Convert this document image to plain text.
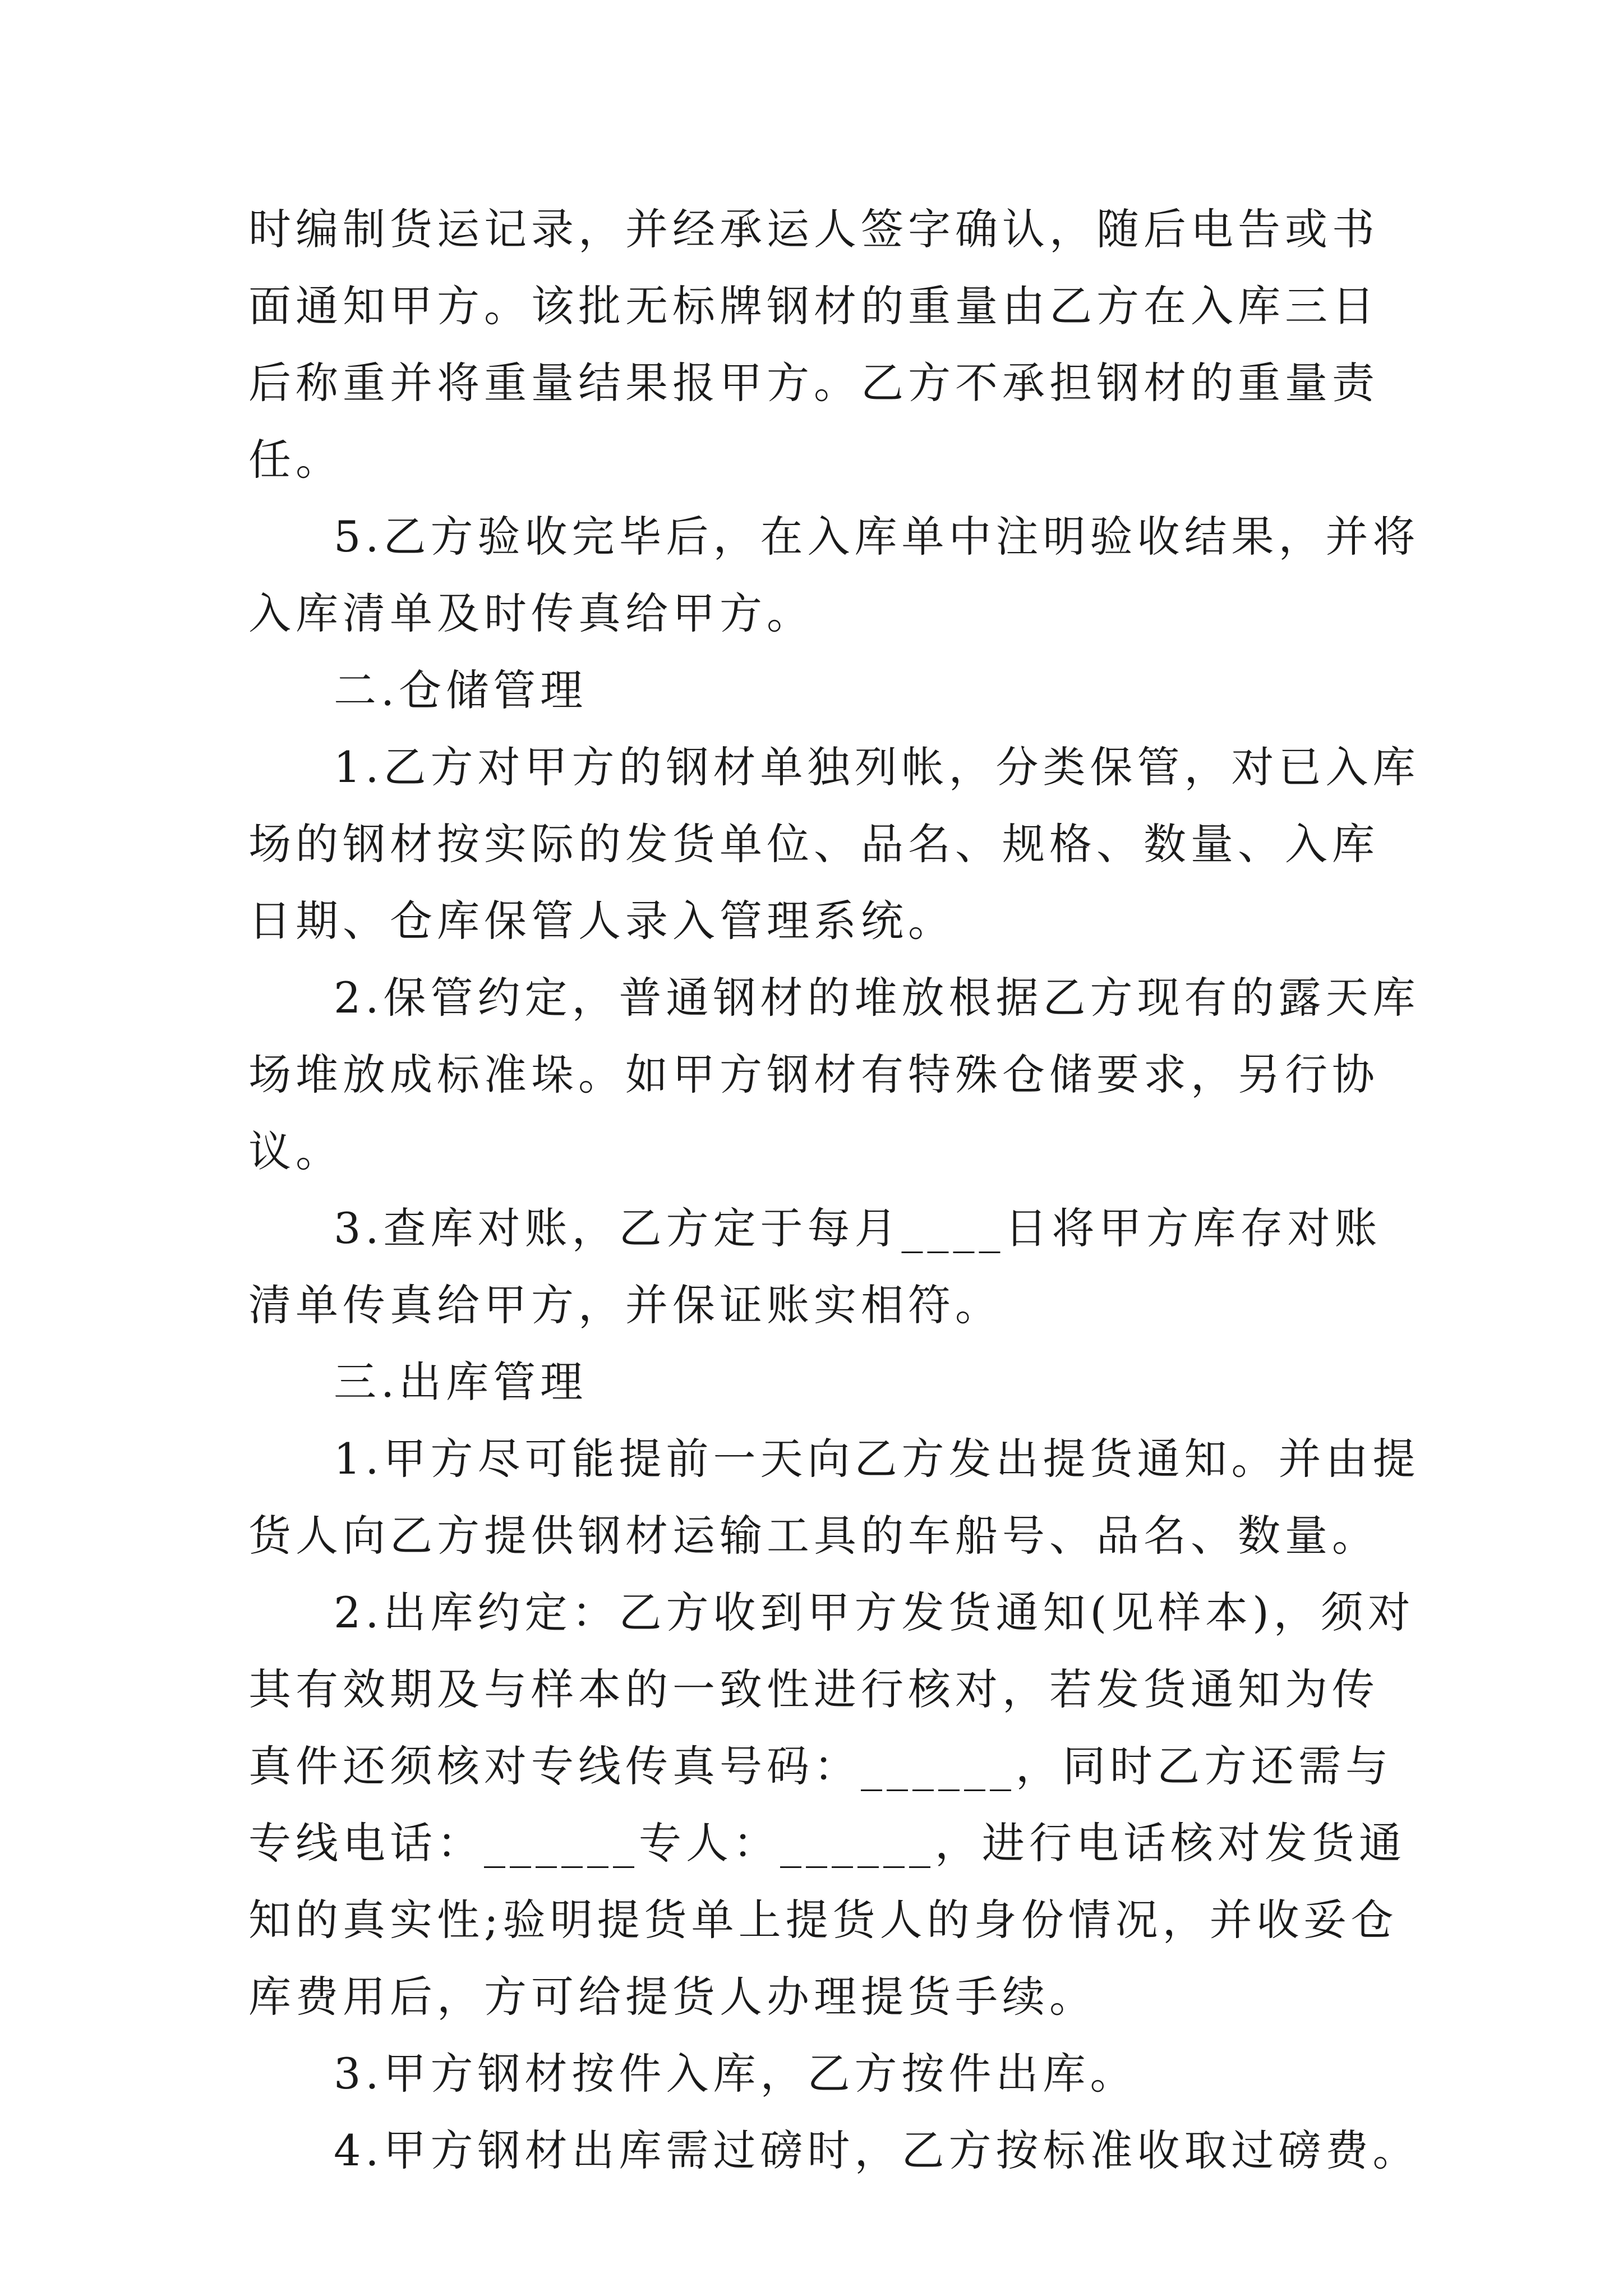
时编制货运记录，并经承运人签字确认，随后电告或书面通知甲方。该批无标牌钢材的重量由乙方在入库三日后称重并将重量结果报甲方。乙方不承担钢材的重量责任。

5.乙方验收完毕后，在入库单中注明验收结果，并将入库清单及时传真给甲方。

二.仓储管理

1.乙方对甲方的钢材单独列帐，分类保管，对已入库场的钢材按实际的发货单位、品名、规格、数量、入库日期、仓库保管人录入管理系统。

2.保管约定，普通钢材的堆放根据乙方现有的露天库场堆放成标准垛。如甲方钢材有特殊仓储要求，另行协议。

3.查库对账，乙方定于每月____日将甲方库存对账清单传真给甲方，并保证账实相符。

三.出库管理

1.甲方尽可能提前一天向乙方发出提货通知。并由提货人向乙方提供钢材运输工具的车船号、品名、数量。

2.出库约定：乙方收到甲方发货通知(见样本)，须对其有效期及与样本的一致性进行核对，若发货通知为传真件还须核对专线传真号码：______，同时乙方还需与专线电话：______专人：______，进行电话核对发货通知的真实性;验明提货单上提货人的身份情况，并收妥仓库费用后，方可给提货人办理提货手续。

3.甲方钢材按件入库，乙方按件出库。

4.甲方钢材出库需过磅时，乙方按标准收取过磅费。
